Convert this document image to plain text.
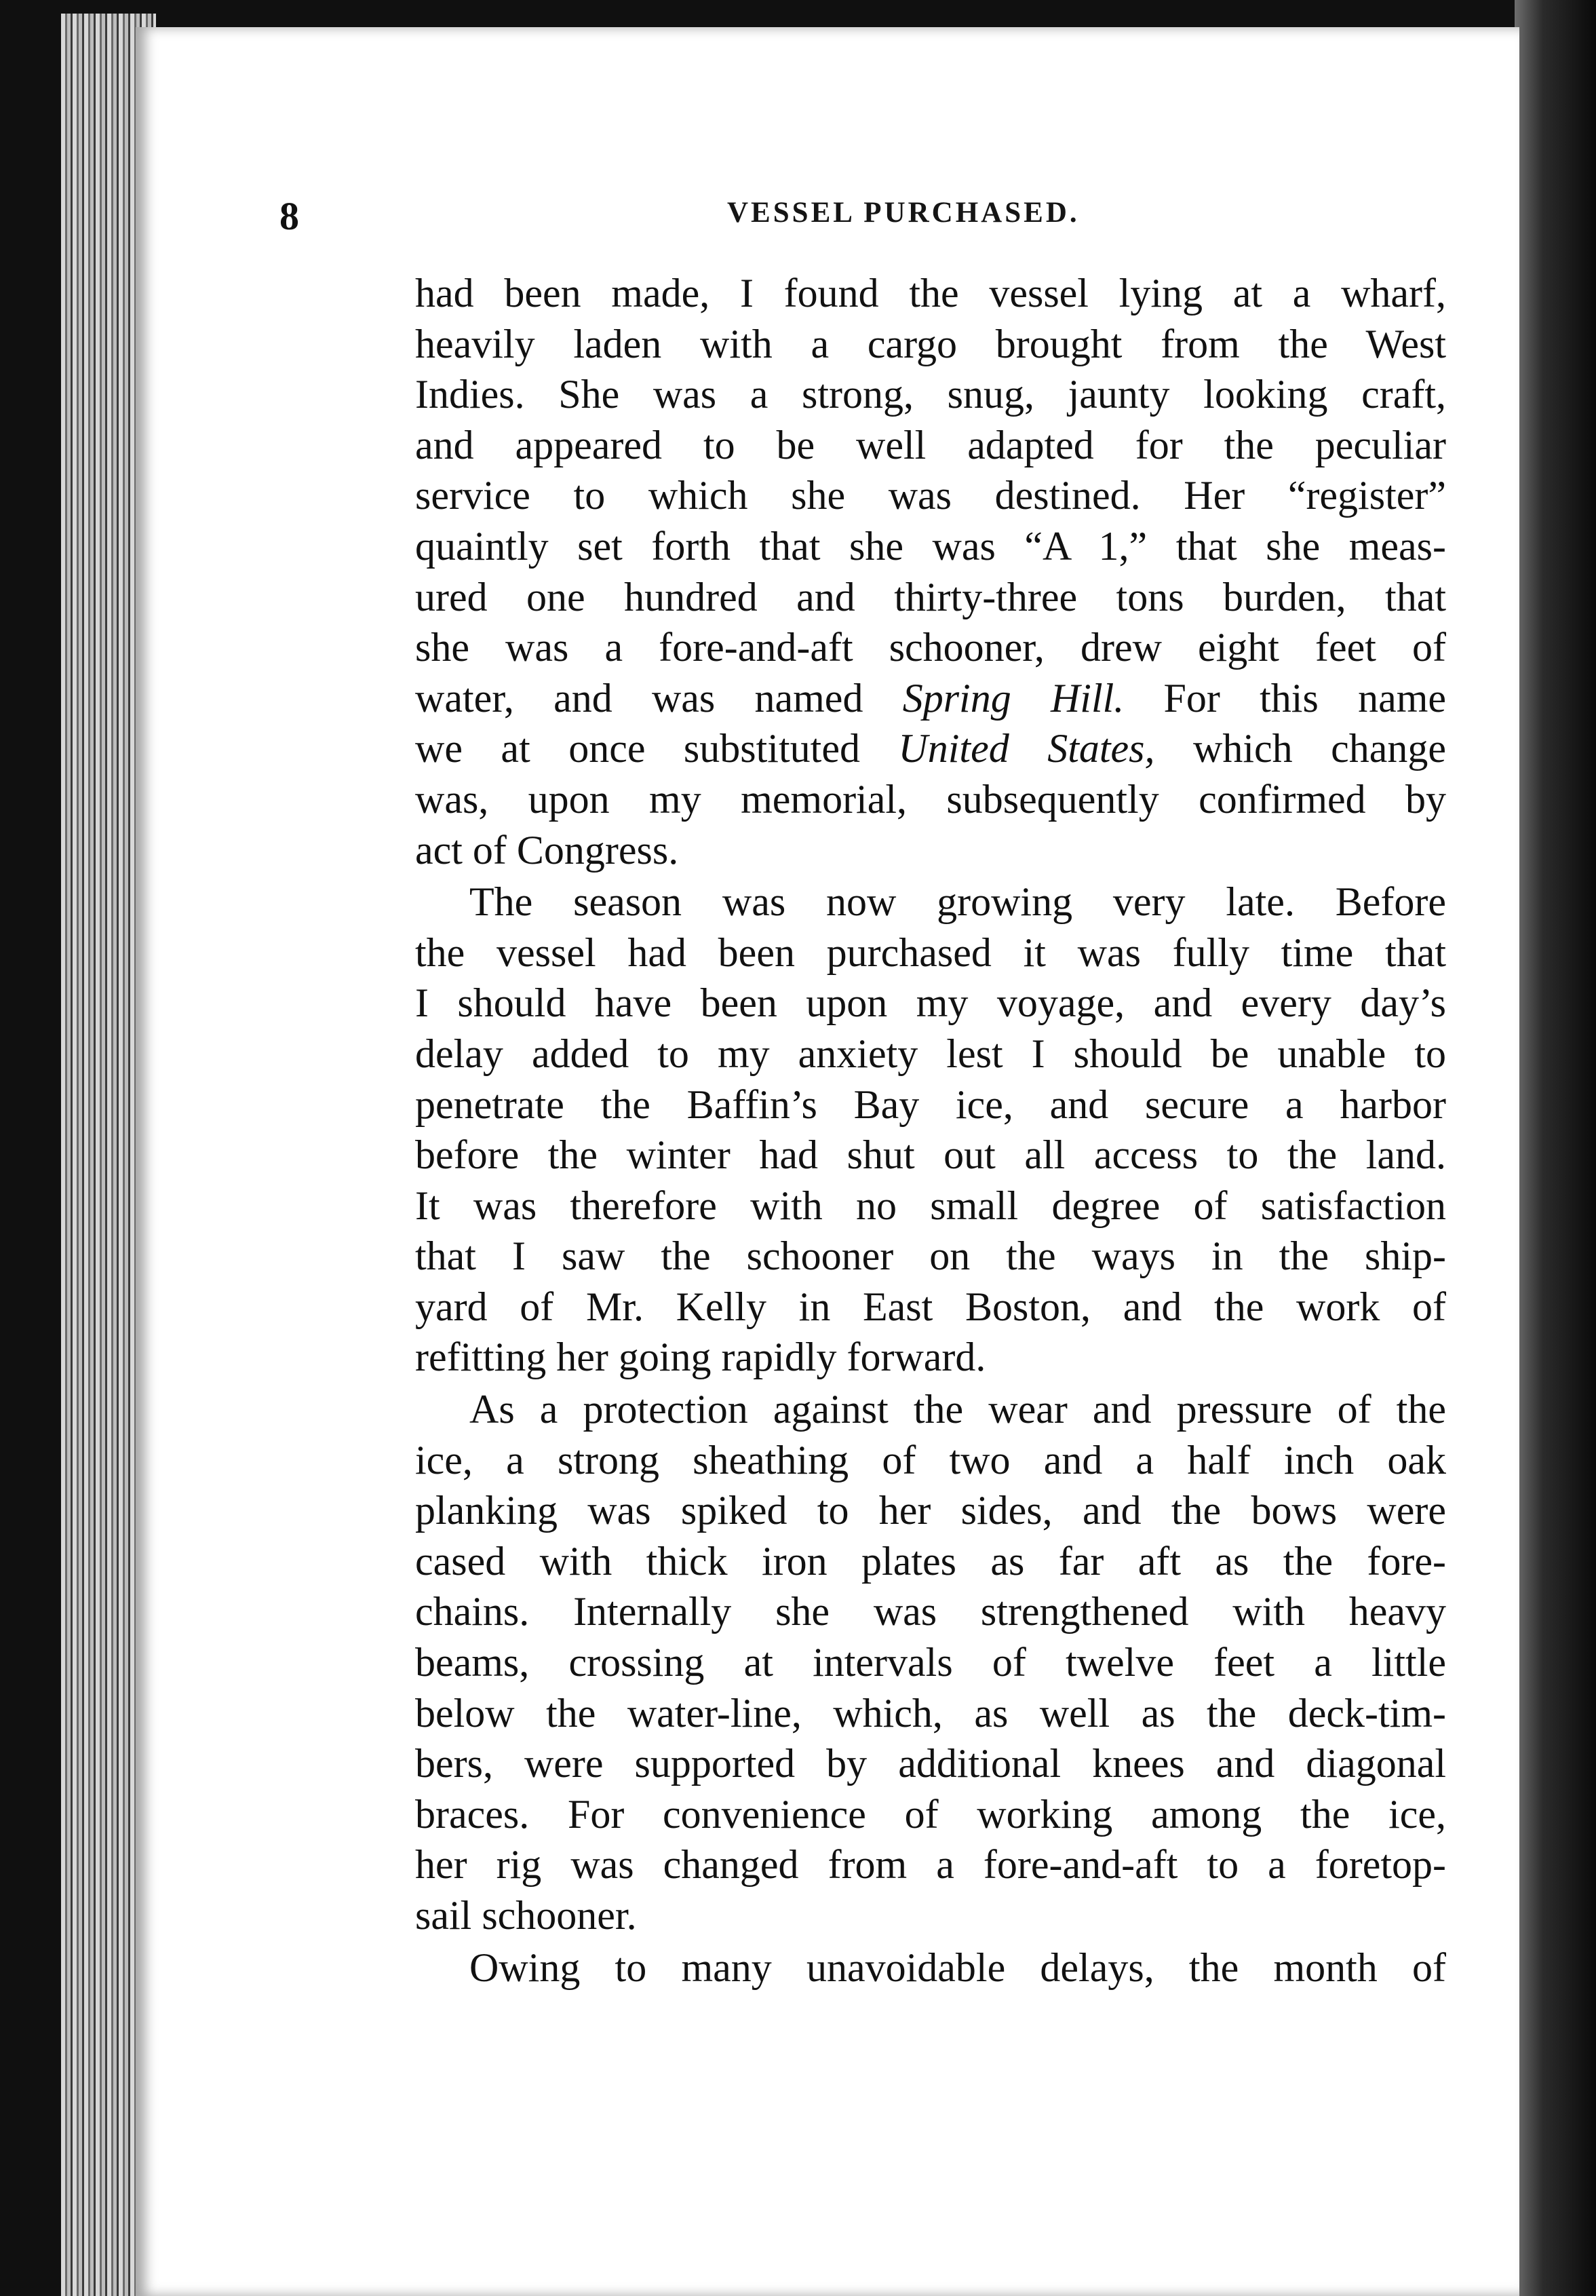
8	VESSEL PURCHASED.
had been made, I found the vessel lying at a wharf,
heavily laden with a cargo brought from the West
Indies. She was a strong, snug, jaunty looking craft,
and appeared to be well adapted for the peculiar
service to which she was destined. Her “register”
quaintly set forth that she was “A 1,” that she meas-
ured one hundred and thirty-three tons burden, that
she was a fore-and-aft schooner, drew eight feet of
water, and was named Spring Hill. For this name
we at once substituted United States, which change
was, upon my memorial, subsequently confirmed by
act of Congress.
The season was now growing very late. Before
the vessel had been purchased it was fully time that
I should have been upon my voyage, and every day’s
delay added to my anxiety lest I should be unable to
penetrate the Baffin’s Bay ice, and secure a harbor
before the winter had shut out all access to the land.
It was therefore with no small degree of satisfaction
that I saw the schooner on the ways in the ship-
yard of Mr. Kelly in East Boston, and the work of
refitting her going rapidly forward.
As a protection against the wear and pressure of the
ice, a strong sheathing of two and a half inch oak
planking was spiked to her sides, and the bows were
cased with thick iron plates as far aft as the fore-
chains. Internally she was strengthened with heavy
beams, crossing at intervals of twelve feet a little
below the water-line, which, as well as the deck-tim-
bers, were supported by additional knees and diagonal
braces. For convenience of working among the ice,
her rig was changed from a fore-and-aft to a foretop-
sail schooner.
Owing to many unavoidable delays, the month of
